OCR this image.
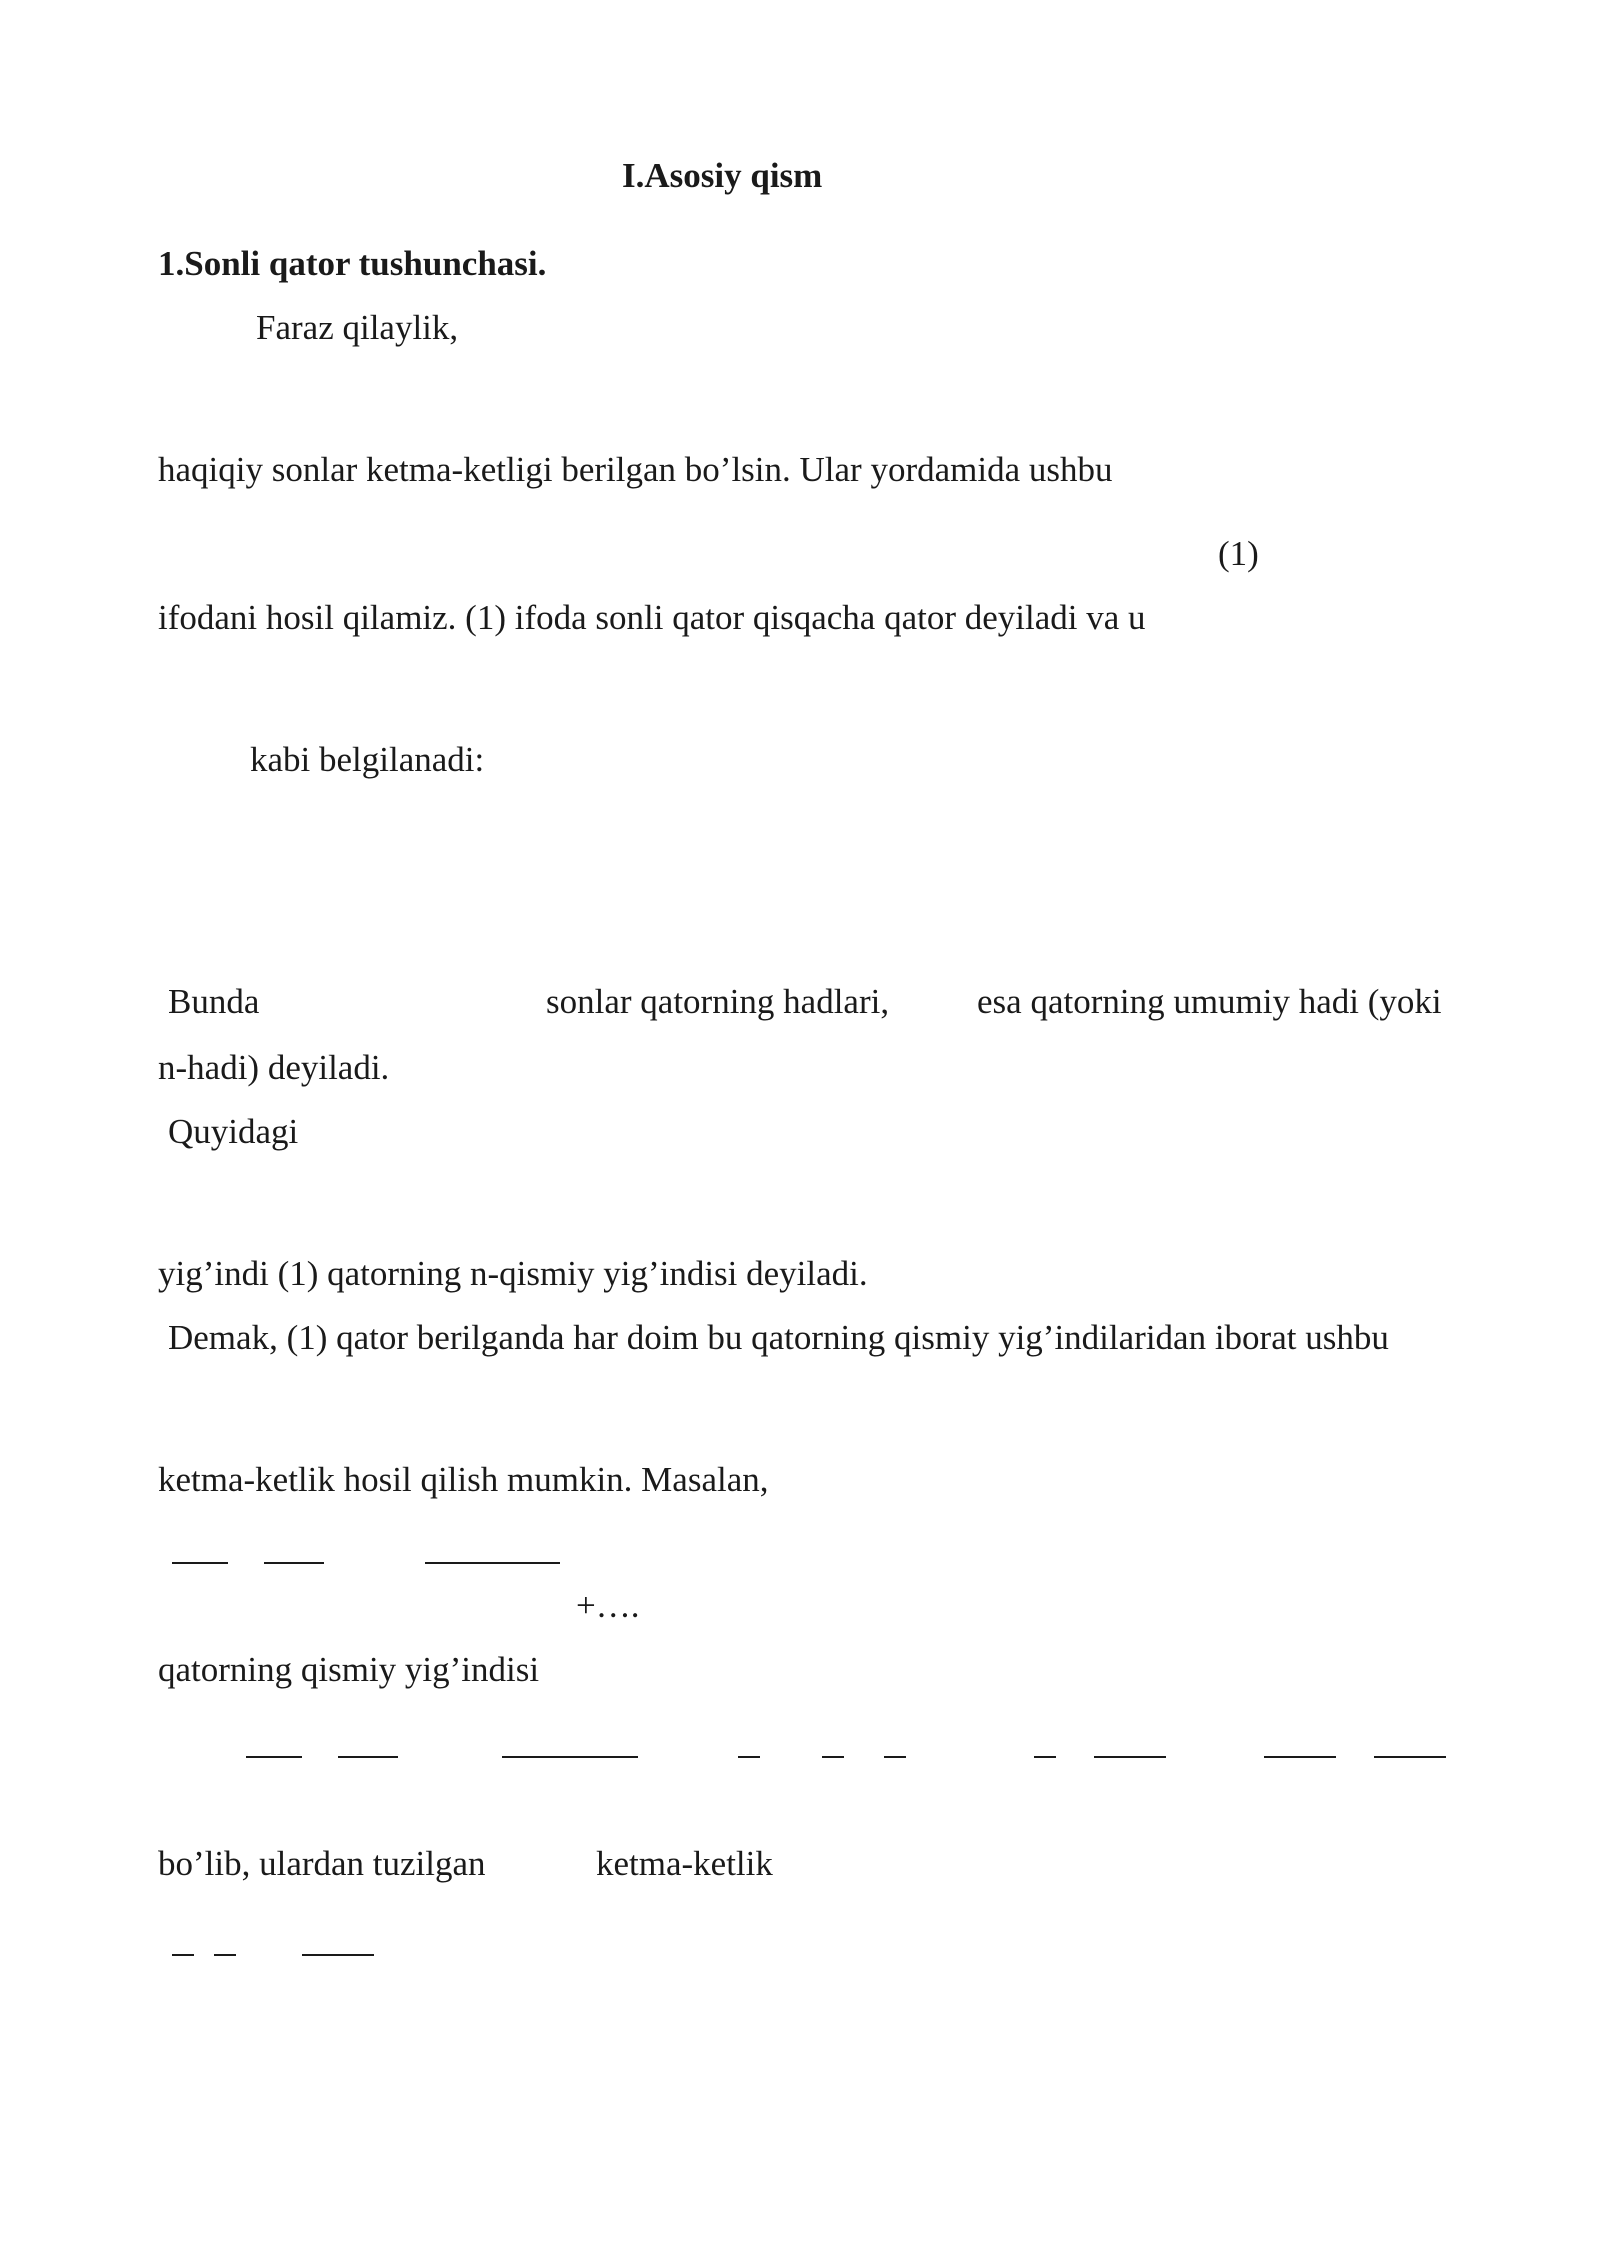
I.Asosiy qism
1.Sonli qator tushunchasi.
Faraz qilaylik,
haqiqiy sonlar ketma-ketligi berilgan bo’lsin. Ular yordamida ushbu
(1)
ifodani hosil qilamiz. (1) ifoda sonli qator qisqacha qator deyiladi va u
kabi belgilanadi:
Bunda	sonlar qatorning hadlari,	esa qatorning umumiy hadi (yoki
n-hadi) deyiladi.
Quyidagi
yig’indi (1) qatorning n-qismiy yig’indisi deyiladi.
Demak, (1) qator berilganda har doim bu qatorning qismiy yig’indilaridan iborat ushbu
ketma-ketlik hosil qilish mumkin. Masalan,
+….
qatorning qismiy yig’indisi
bo’lib, ulardan tuzilgan	ketma-ketlik
